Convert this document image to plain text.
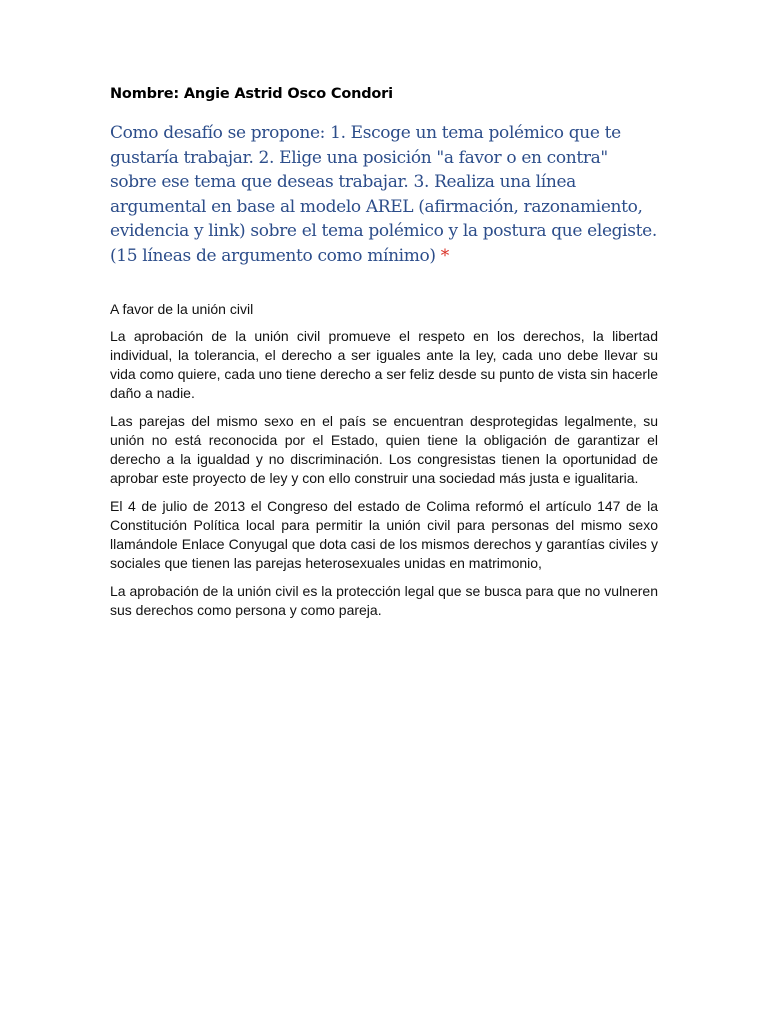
Nombre: Angie Astrid Osco Condori
Como desafío se propone: 1. Escoge un tema polémico que te gustaría trabajar. 2. Elige una posición "a favor o en contra" sobre ese tema que deseas trabajar. 3. Realiza una línea argumental en base al modelo AREL (afirmación, razonamiento, evidencia y link) sobre el tema polémico y la postura que elegiste. (15 líneas de argumento como mínimo) *

A favor de la unión civil

La aprobación de la unión civil promueve el respeto en los derechos, la libertad individual, la tolerancia, el derecho a ser iguales ante la ley, cada uno debe llevar su vida como quiere, cada uno tiene derecho a ser feliz desde su punto de vista sin hacerle daño a nadie.

Las parejas del mismo sexo en el país se encuentran desprotegidas legalmente, su unión no está reconocida por el Estado, quien tiene la obligación de garantizar el derecho a la igualdad y no discriminación. Los congresistas tienen la oportunidad de aprobar este proyecto de ley y con ello construir una sociedad más justa e igualitaria.

El 4 de julio de 2013 el Congreso del estado de Colima reformó el artículo 147 de la Constitución Política local para permitir la unión civil para personas del mismo sexo llamándole Enlace Conyugal que dota casi de los mismos derechos y garantías civiles y sociales que tienen las parejas heterosexuales unidas en matrimonio,

La aprobación de la unión civil es la protección legal que se busca para que no vulneren sus derechos como persona y como pareja.
